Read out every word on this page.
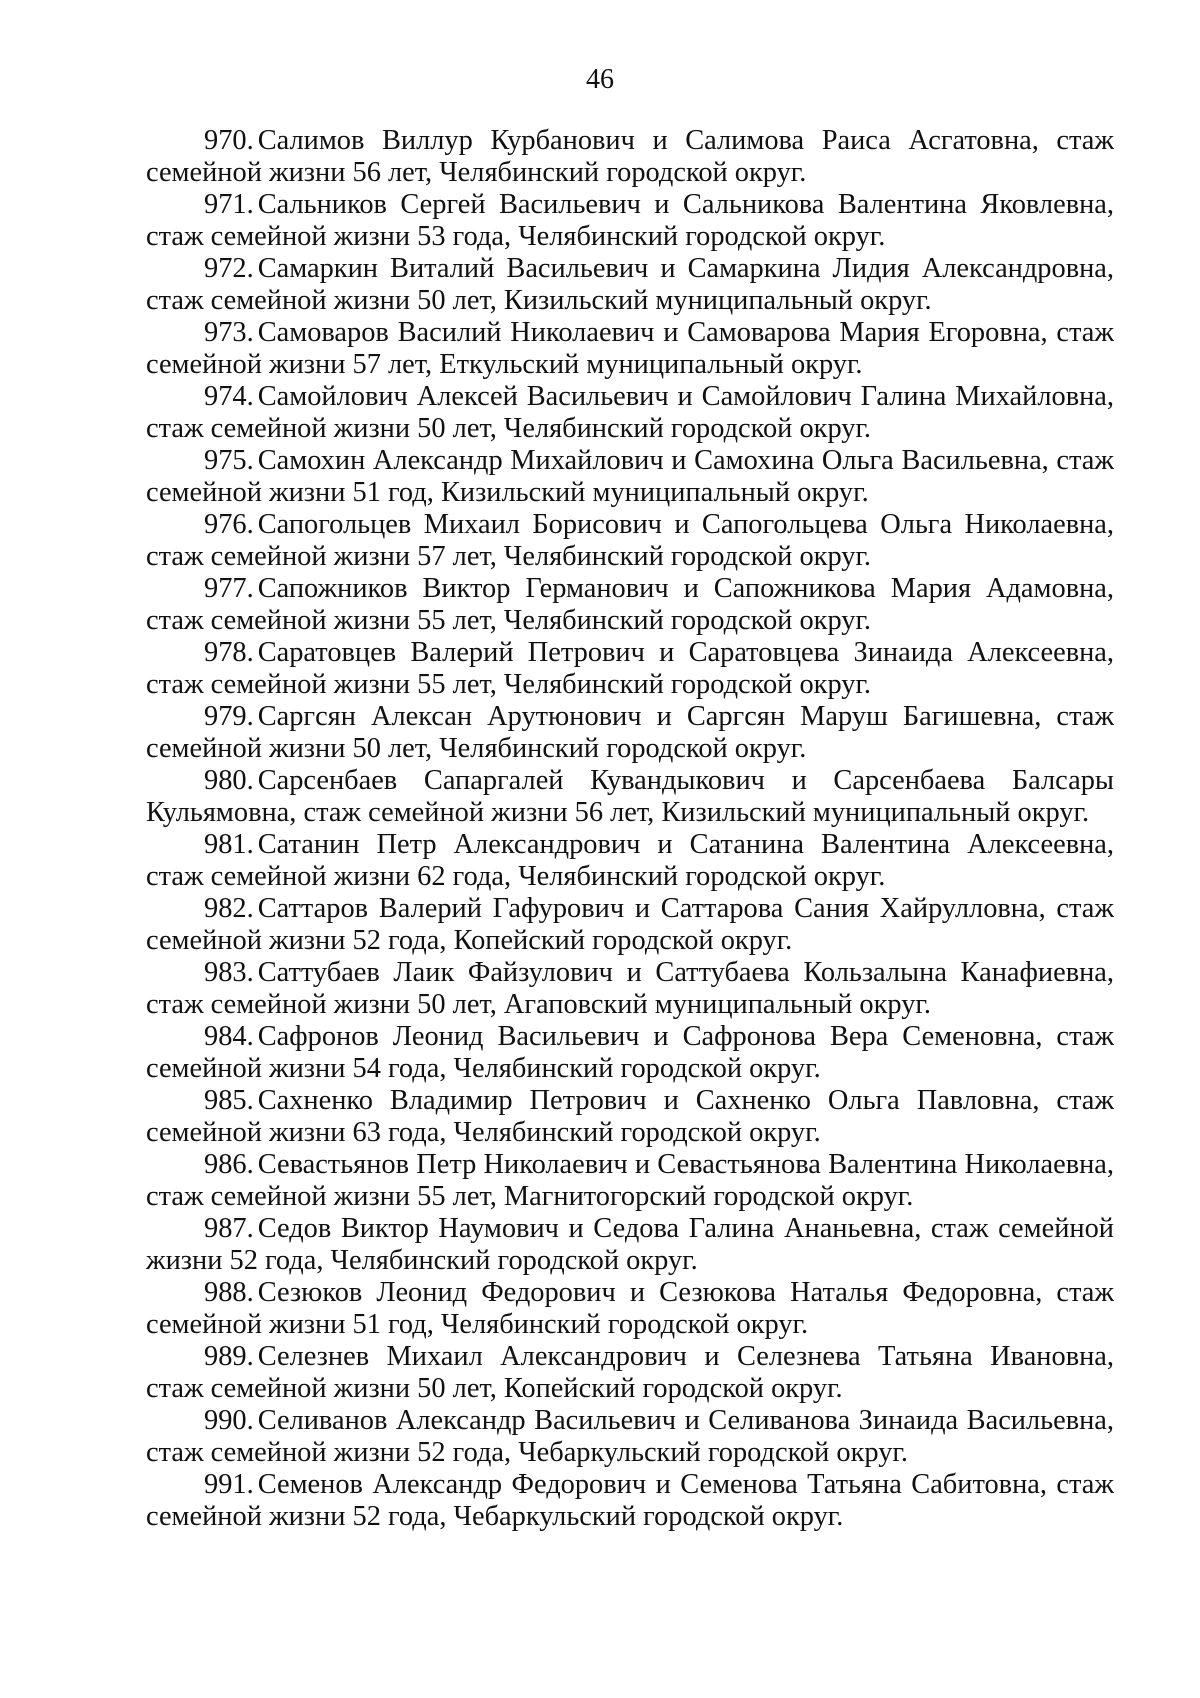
46
970. Салимов Виллур Курбанович и Салимова Раиса Асгатовна, стаж семейной жизни 56 лет, Челябинский городской округ.
971. Сальников Сергей Васильевич и Сальникова Валентина Яковлевна, стаж семейной жизни 53 года, Челябинский городской округ.
972. Самаркин Виталий Васильевич и Самаркина Лидия Александровна, стаж семейной жизни 50 лет, Кизильский муниципальный округ.
973. Самоваров Василий Николаевич и Самоварова Мария Егоровна, стаж семейной жизни 57 лет, Еткульский муниципальный округ.
974. Самойлович Алексей Васильевич и Самойлович Галина Михайловна, стаж семейной жизни 50 лет, Челябинский городской округ.
975. Самохин Александр Михайлович и Самохина Ольга Васильевна, стаж семейной жизни 51 год, Кизильский муниципальный округ.
976. Сапогольцев Михаил Борисович и Сапогольцева Ольга Николаевна, стаж семейной жизни 57 лет, Челябинский городской округ.
977. Сапожников Виктор Германович и Сапожникова Мария Адамовна, стаж семейной жизни 55 лет, Челябинский городской округ.
978. Саратовцев Валерий Петрович и Саратовцева Зинаида Алексеевна, стаж семейной жизни 55 лет, Челябинский городской округ.
979. Саргсян Алексан Арутюнович и Саргсян Маруш Багишевна, стаж семейной жизни 50 лет, Челябинский городской округ.
980. Сарсенбаев Сапаргалей Кувандыкович и Сарсенбаева Балсары Кульямовна, стаж семейной жизни 56 лет, Кизильский муниципальный округ.
981. Сатанин Петр Александрович и Сатанина Валентина Алексеевна, стаж семейной жизни 62 года, Челябинский городской округ.
982. Саттаров Валерий Гафурович и Саттарова Сания Хайрулловна, стаж семейной жизни 52 года, Копейский городской округ.
983. Саттубаев Лаик Файзулович и Саттубаева Кользалына Канафиевна, стаж семейной жизни 50 лет, Агаповский муниципальный округ.
984. Сафронов Леонид Васильевич и Сафронова Вера Семеновна, стаж семейной жизни 54 года, Челябинский городской округ.
985. Сахненко Владимир Петрович и Сахненко Ольга Павловна, стаж семейной жизни 63 года, Челябинский городской округ.
986. Севастьянов Петр Николаевич и Севастьянова Валентина Николаевна, стаж семейной жизни 55 лет, Магнитогорский городской округ.
987. Седов Виктор Наумович и Седова Галина Ананьевна, стаж семейной жизни 52 года, Челябинский городской округ.
988. Сезюков Леонид Федорович и Сезюкова Наталья Федоровна, стаж семейной жизни 51 год, Челябинский городской округ.
989. Селезнев Михаил Александрович и Селезнева Татьяна Ивановна, стаж семейной жизни 50 лет, Копейский городской округ.
990. Селиванов Александр Васильевич и Селиванова Зинаида Васильевна, стаж семейной жизни 52 года, Чебаркульский городской округ.
991. Семенов Александр Федорович и Семенова Татьяна Сабитовна, стаж семейной жизни 52 года, Чебаркульский городской округ.
